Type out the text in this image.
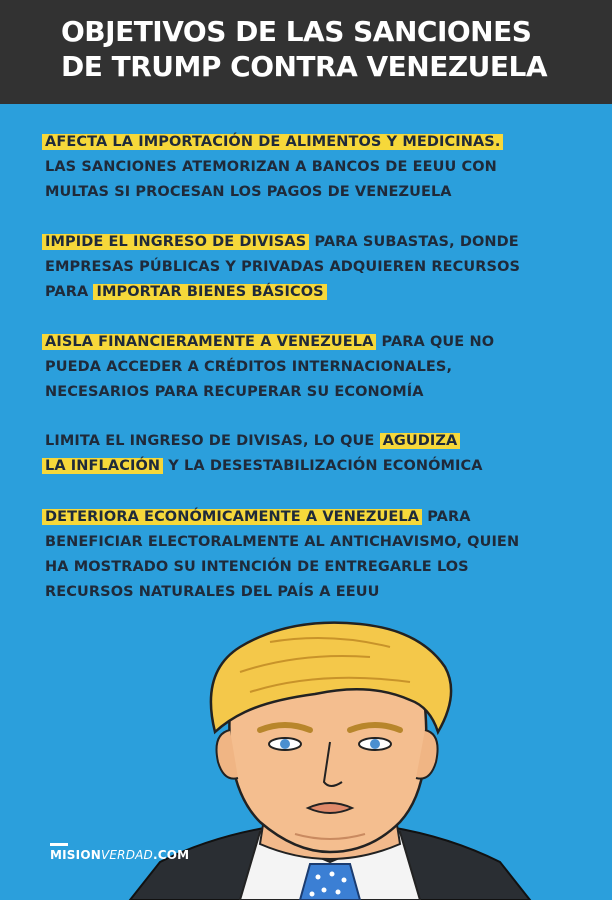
OBJETIVOS DE LAS SANCIONES
DE TRUMP CONTRA VENEZUELA
AFECTA LA IMPORTACIÓN DE ALIMENTOS Y MEDICINAS.
LAS SANCIONES ATEMORIZAN A BANCOS DE EEUU CON
MULTAS SI PROCESAN LOS PAGOS DE VENEZUELA
IMPIDE EL INGRESO DE DIVISAS PARA SUBASTAS, DONDE
EMPRESAS PÚBLICAS Y PRIVADAS ADQUIEREN RECURSOS
PARA IMPORTAR BIENES BÁSICOS
AISLA FINANCIERAMENTE A VENEZUELA PARA QUE NO
PUEDA ACCEDER A CRÉDITOS INTERNACIONALES,
NECESARIOS PARA RECUPERAR SU ECONOMÍA
LIMITA EL INGRESO DE DIVISAS, LO QUE AGUDIZA
LA INFLACIÓN Y LA DESESTABILIZACIÓN ECONÓMICA
DETERIORA ECONÓMICAMENTE A VENEZUELA PARA
BENEFICIAR ELECTORALMENTE AL ANTICHAVISMO, QUIEN
HA MOSTRADO SU INTENCIÓN DE ENTREGARLE LOS
RECURSOS NATURALES DEL PAÍS A EEUU
MISIONVERDAD.COM
